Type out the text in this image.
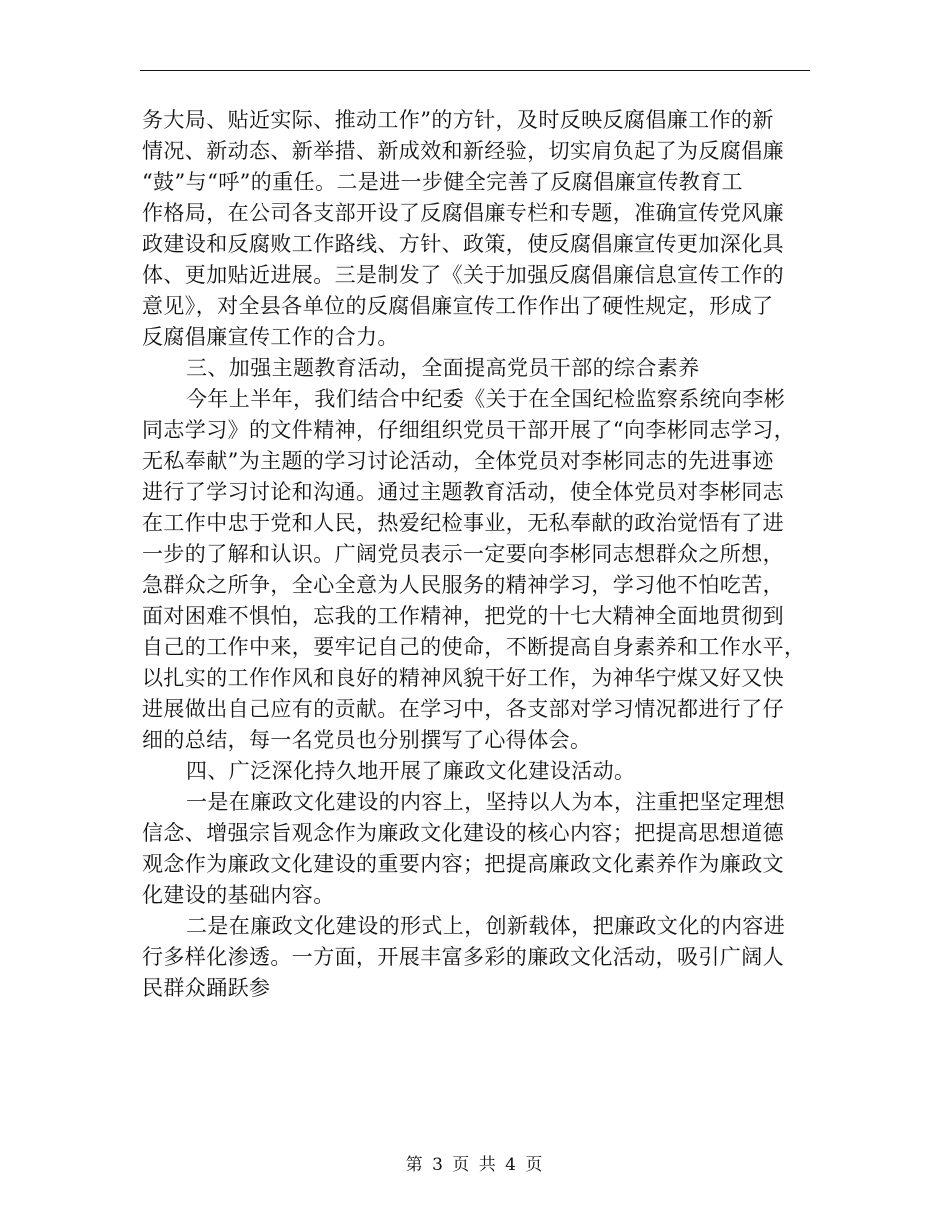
务大局、贴近实际、推动工作”的方针，及时反映反腐倡廉工作的新
情况、新动态、新举措、新成效和新经验，切实肩负起了为反腐倡廉
“鼓”与“呼”的重任。二是进一步健全完善了反腐倡廉宣传教育工
作格局，在公司各支部开设了反腐倡廉专栏和专题，准确宣传党风廉
政建设和反腐败工作路线、方针、政策，使反腐倡廉宣传更加深化具
体、更加贴近进展。三是制发了《关于加强反腐倡廉信息宣传工作的
意见》，对全县各单位的反腐倡廉宣传工作作出了硬性规定，形成了
反腐倡廉宣传工作的合力。
三、加强主题教育活动，全面提高党员干部的综合素养
今年上半年，我们结合中纪委《关于在全国纪检监察系统向李彬
同志学习》的文件精神，仔细组织党员干部开展了“向李彬同志学习，
无私奉献”为主题的学习讨论活动，全体党员对李彬同志的先进事迹
进行了学习讨论和沟通。通过主题教育活动，使全体党员对李彬同志
在工作中忠于党和人民，热爱纪检事业，无私奉献的政治觉悟有了进
一步的了解和认识。广阔党员表示一定要向李彬同志想群众之所想，
急群众之所争，全心全意为人民服务的精神学习，学习他不怕吃苦，
面对困难不惧怕，忘我的工作精神，把党的十七大精神全面地贯彻到
自己的工作中来，要牢记自己的使命，不断提高自身素养和工作水平，
以扎实的工作作风和良好的精神风貌干好工作，为神华宁煤又好又快
进展做出自己应有的贡献。在学习中，各支部对学习情况都进行了仔
细的总结，每一名党员也分别撰写了心得体会。
四、广泛深化持久地开展了廉政文化建设活动。
一是在廉政文化建设的内容上，坚持以人为本，注重把坚定理想
信念、增强宗旨观念作为廉政文化建设的核心内容；把提高思想道德
观念作为廉政文化建设的重要内容；把提高廉政文化素养作为廉政文
化建设的基础内容。
二是在廉政文化建设的形式上，创新载体，把廉政文化的内容进
行多样化渗透。一方面，开展丰富多彩的廉政文化活动，吸引广阔人
民群众踊跃参
第 3 页 共 4 页
